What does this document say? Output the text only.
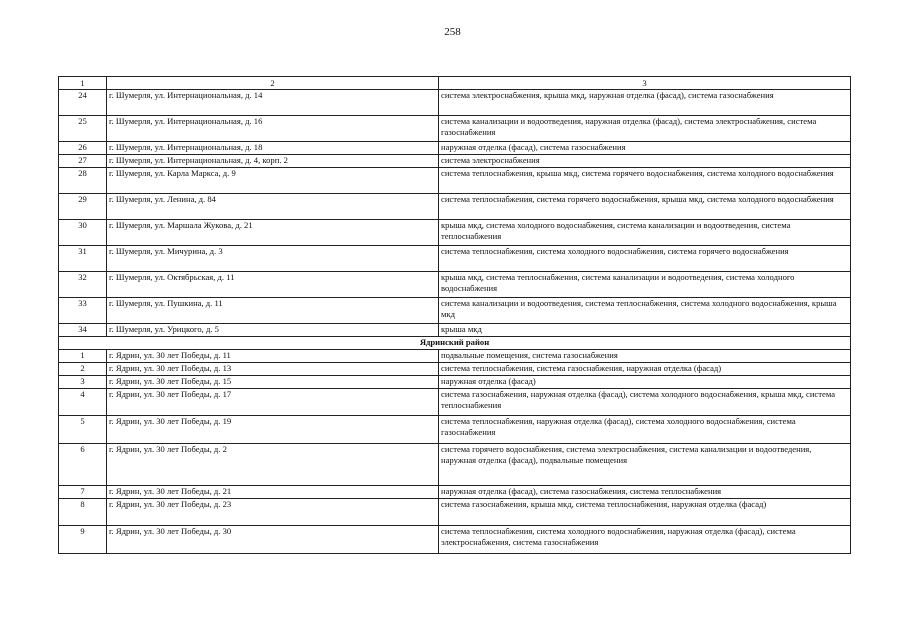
258
1	2	3
24	г. Шумерля, ул. Интернациональная, д. 14	система электроснабжения, крыша мкд, наружная отделка (фасад), система газоснабжения
25	г. Шумерля, ул. Интернациональная, д. 16	система канализации и водоотведения, наружная отделка (фасад), система электроснабжения, система газоснабжения
26	г. Шумерля, ул. Интернациональная, д. 18	наружная отделка (фасад), система газоснабжения
27	г. Шумерля, ул. Интернациональная, д. 4, корп. 2	система электроснабжения
28	г. Шумерля, ул. Карла Маркса, д. 9	система теплоснабжения, крыша мкд, система горячего водоснабжения, система холодного водоснабжения
29	г. Шумерля, ул. Ленина, д. 84	система теплоснабжения, система горячего водоснабжения, крыша мкд, система холодного водоснабжения
30	г. Шумерля, ул. Маршала Жукова, д. 21	крыша мкд, система холодного водоснабжения, система канализации и водоотведения, система теплоснабжения
31	г. Шумерля, ул. Мичурина, д. 3	система теплоснабжения, система холодного водоснабжения, система горячего водоснабжения
32	г. Шумерля, ул. Октябрьская, д. 11	крыша мкд, система теплоснабжения, система канализации и водоотведения, система холодного водоснабжения
33	г. Шумерля, ул. Пушкина, д. 11	система канализации и водоотведения, система теплоснабжения, система холодного водоснабжения, крыша мкд
34	г. Шумерля, ул. Урицкого, д. 5	крыша мкд
Ядринский район		
1	г. Ядрин, ул. 30 лет Победы, д. 11	подвальные помещения, система газоснабжения
2	г. Ядрин, ул. 30 лет Победы, д. 13	система теплоснабжения, система газоснабжения, наружная отделка (фасад)
3	г. Ядрин, ул. 30 лет Победы, д. 15	наружная отделка (фасад)
4	г. Ядрин, ул. 30 лет Победы, д. 17	система газоснабжения, наружная отделка (фасад), система холодного водоснабжения, крыша мкд, система теплоснабжения
5	г. Ядрин, ул. 30 лет Победы, д. 19	система теплоснабжения, наружная отделка (фасад), система холодного водоснабжения, система газоснабжения
6	г. Ядрин, ул. 30 лет Победы, д. 2	система горячего водоснабжения, система электроснабжения, система канализации и водоотведения, наружная отделка (фасад), подвальные помещения
7	г. Ядрин, ул. 30 лет Победы, д. 21	наружная отделка (фасад), система газоснабжения, система теплоснабжения
8	г. Ядрин, ул. 30 лет Победы, д. 23	система газоснабжения, крыша мкд, система теплоснабжения, наружная отделка (фасад)
9	г. Ядрин, ул. 30 лет Победы, д. 30	система теплоснабжения, система холодного водоснабжения, наружная отделка (фасад), система электроснабжения, система газоснабжения
